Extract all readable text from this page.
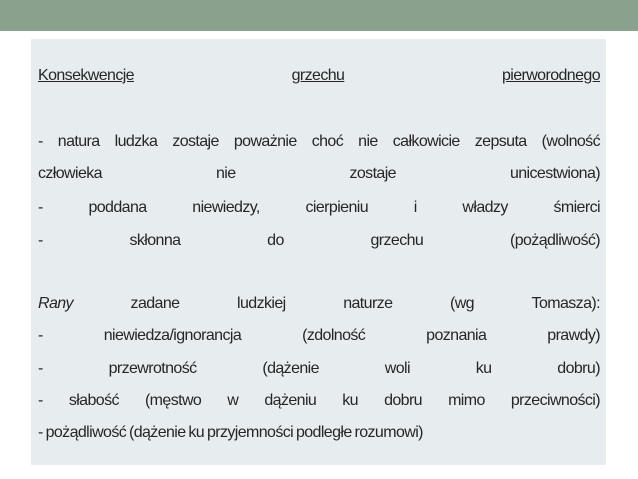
Konsekwencje	grzechu	pierworodnego
- natura ludzka zostaje poważnie choć nie całkowicie zepsuta (wolność
człowieka	nie	zostaje	unicestwiona)
-	poddana	niewiedzy,	cierpieniu	i	władzy	śmierci
-	skłonna	do	grzechu	(pożądliwość)
Rany	zadane	ludzkiej	naturze	(wg	Tomasza):
-	niewiedza/ignorancja	(zdolność	poznania	prawdy)
-	przewrotność	(dążenie	woli	ku	dobru)
- słabość (męstwo w dążeniu ku dobru mimo przeciwności)
- pożądliwość (dążenie ku przyjemności podległe rozumowi)
